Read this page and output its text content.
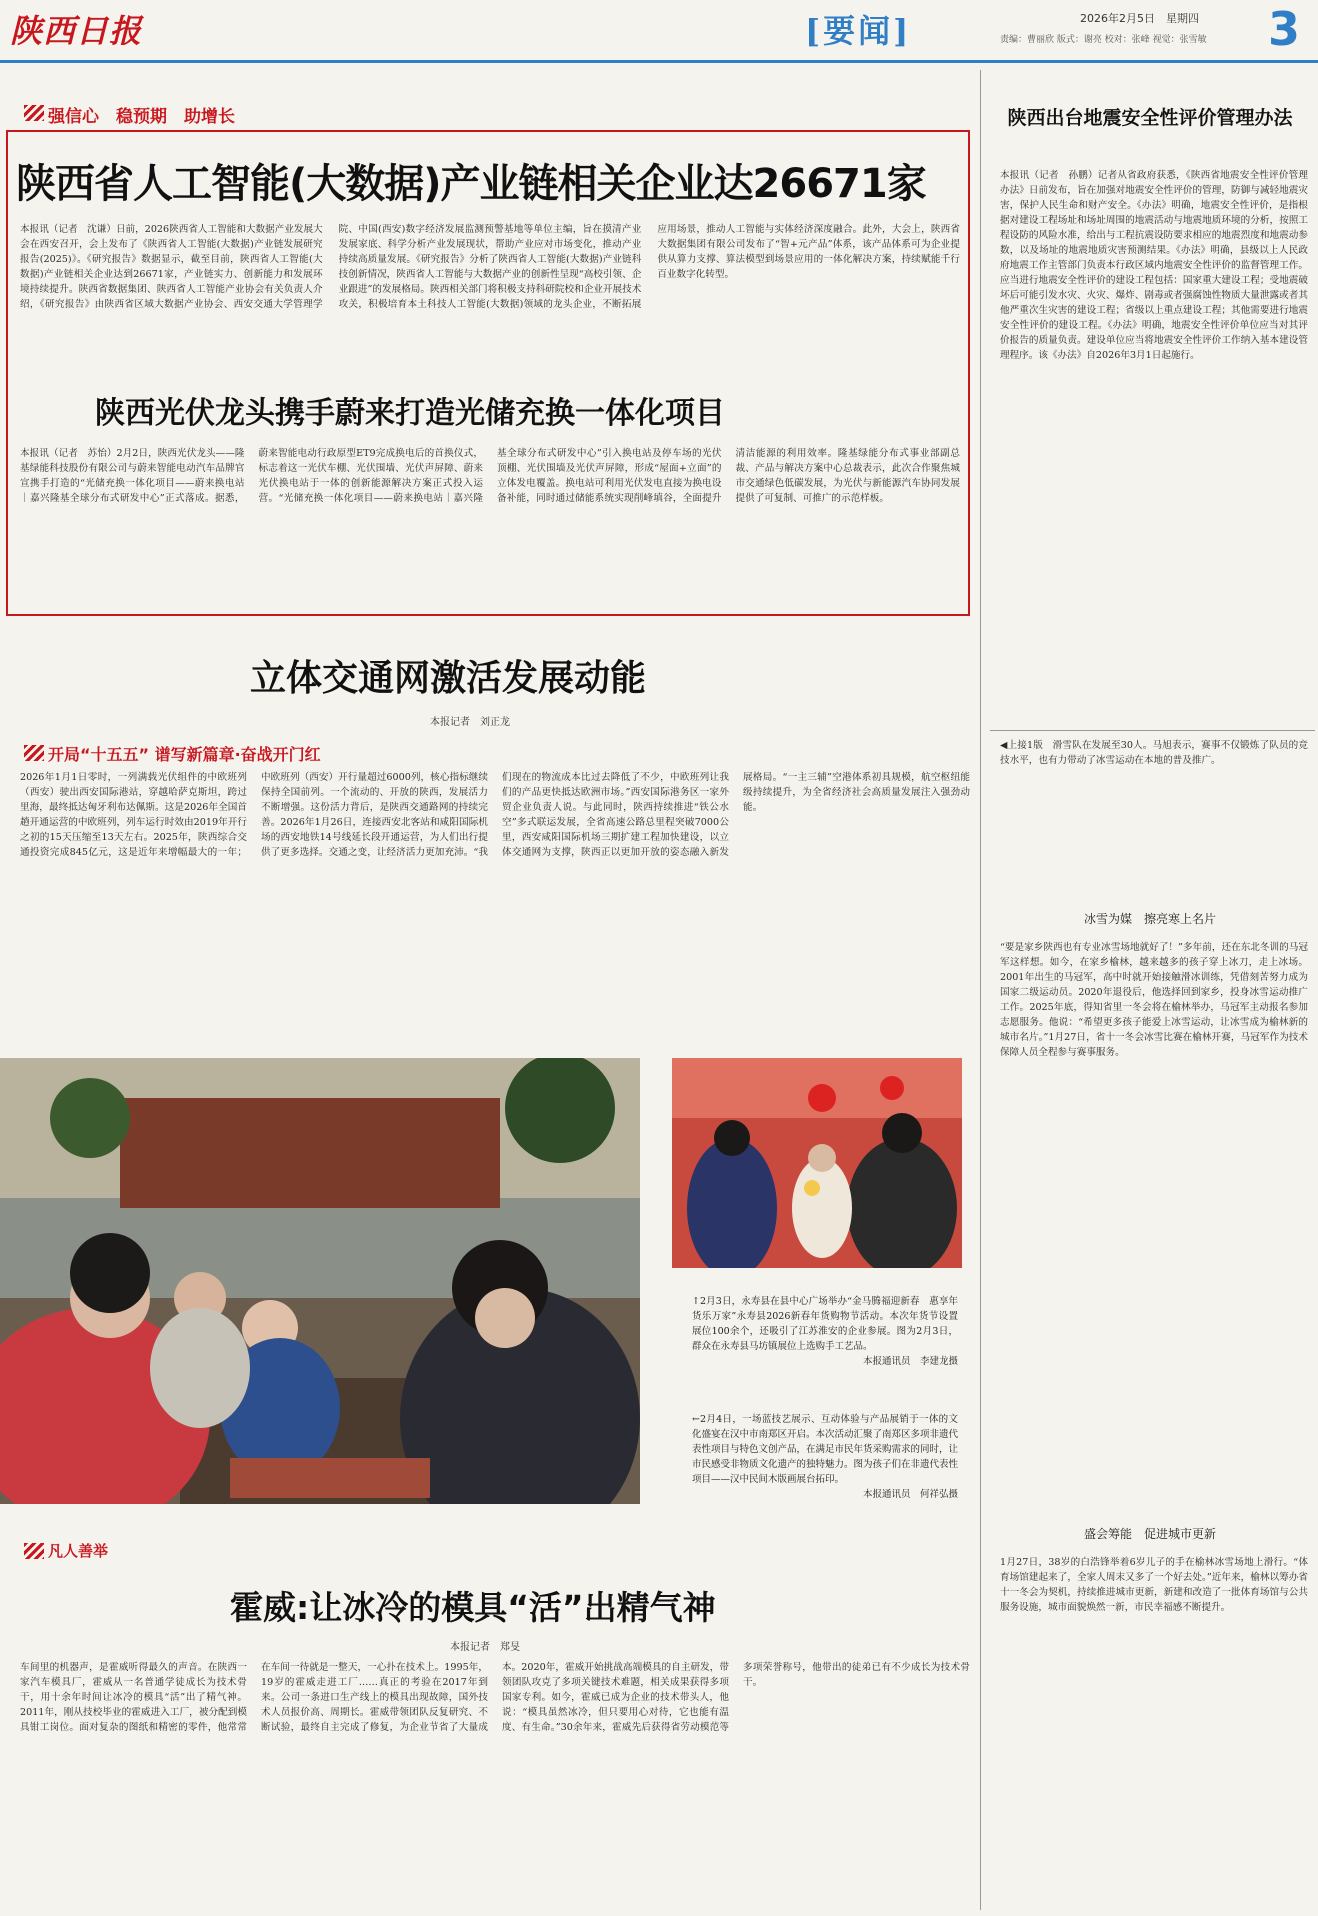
陕西日报	[要闻]	2026年2月5日　 星期四
责编：曹丽欣 版式：谢亮 校对：张峰 视觉：张雪敏 3
强信心　稳预期　助增长
陕西省人工智能(大数据)产业链相关企业达26671家
本报讯（记者　沈谦）日前，2026陕西省人工智能和大数据产业发展大会在西安召开，会上发布了《陕西省人工智能(大数据)产业链发展研究报告(2025)》。《研究报告》数据显示，截至目前，陕西省人工智能(大数据)产业链相关企业达到26671家，产业链实力、创新能力和发展环境持续提升。陕西省数据集团、陕西省人工智能产业协会有关负责人介绍，《研究报告》由陕西省区域大数据产业协会、西安交通大学管理学院、中国(西安)数字经济发展监测预警基地等单位主编，旨在摸清产业发展家底、科学分析产业发展现状，帮助产业应对市场变化，推动产业持续高质量发展。《研究报告》分析了陕西省人工智能(大数据)产业链科技创新情况，陕西省人工智能与大数据产业的创新性呈现“高校引领、企业跟进”的发展格局。陕西相关部门将积极支持科研院校和企业开展技术攻关，积极培育本土科技人工智能(大数据)领域的龙头企业，不断拓展应用场景，推动人工智能与实体经济深度融合。此外，大会上，陕西省大数据集团有限公司发布了“智+元产品”体系，该产品体系可为企业提供从算力支撑、算法模型到场景应用的一体化解决方案，持续赋能千行百业数字化转型。
陕西光伏龙头携手蔚来打造光储充换一体化项目
本报讯（记者　苏怡）2月2日，陕西光伏龙头——隆基绿能科技股份有限公司与蔚来智能电动汽车品牌官宣携手打造的“光储充换一体化项目——蔚来换电站｜嘉兴隆基全球分布式研发中心”正式落成。据悉，蔚来智能电动行政原型ET9完成换电后的首换仪式，标志着这一光伏车棚、光伏围墙、光伏声屏障、蔚来光伏换电站于一体的创新能源解决方案正式投入运营。“光储充换一体化项目——蔚来换电站｜嘉兴隆基全球分布式研发中心”引入换电站及停车场的光伏顶棚、光伏围墙及光伏声屏障，形成“屋面+立面”的立体发电覆盖。换电站可利用光伏发电直接为换电设备补能，同时通过储能系统实现削峰填谷，全面提升清洁能源的利用效率。隆基绿能分布式事业部副总裁、产品与解决方案中心总裁表示，此次合作聚焦城市交通绿色低碳发展，为光伏与新能源汽车协同发展提供了可复制、可推广的示范样板。
立体交通网激活发展动能
本报记者　刘正龙
开局“十五五” 谱写新篇章·奋战开门红
2026年1月1日零时，一列满载光伏组件的中欧班列（西安）驶出西安国际港站，穿越哈萨克斯坦，跨过里海，最终抵达匈牙利布达佩斯。这是2026年全国首趟开通运营的中欧班列，列车运行时效由2019年开行之初的15天压缩至13天左右。2025年，陕西综合交通投资完成845亿元，这是近年来增幅最大的一年；中欧班列（西安）开行量超过6000列，核心指标继续保持全国前列。一个流动的、开放的陕西，发展活力不断增强。这份活力背后，是陕西交通路网的持续完善。2026年1月26日，连接西安北客站和咸阳国际机场的西安地铁14号线延长段开通运营，为人们出行提供了更多选择。交通之变，让经济活力更加充沛。“我们现在的物流成本比过去降低了不少，中欧班列让我们的产品更快抵达欧洲市场。”西安国际港务区一家外贸企业负责人说。与此同时，陕西持续推进“铁公水空”多式联运发展，全省高速公路总里程突破7000公里，西安咸阳国际机场三期扩建工程加快建设，以立体交通网为支撑，陕西正以更加开放的姿态融入新发展格局。“一主三辅”空港体系初具规模，航空枢纽能级持续提升，为全省经济社会高质量发展注入强劲动能。
↑2月3日，永寿县在县中心广场举办“金马腾福迎新春　惠享年货乐万家”永寿县2026新春年货购物节活动。本次年货节设置展位100余个，还吸引了江苏淮安的企业参展。图为2月3日，群众在永寿县马坊镇展位上选购手工艺品。

本报通讯员　李建龙摄
←2月4日，一场蓝技艺展示、互动体验与产品展销于一体的文化盛宴在汉中市南郑区开启。本次活动汇聚了南郑区多项非遗代表性项目与特色文创产品，在满足市民年货采购需求的同时，让市民感受非物质文化遗产的独特魅力。图为孩子们在非遗代表性项目——汉中民间木版画展台拓印。

本报通讯员　何祥弘摄
凡人善举
霍威:让冰冷的模具“活”出精气神
本报记者　郑旻
车间里的机器声，是霍威听得最久的声音。在陕西一家汽车模具厂，霍威从一名普通学徒成长为技术骨干，用十余年时间让冰冷的模具“活”出了精气神。2011年，刚从技校毕业的霍威进入工厂，被分配到模具钳工岗位。面对复杂的图纸和精密的零件，他常常在车间一待就是一整天，一心扑在技术上。1995年，19岁的霍威走进工厂……真正的考验在2017年到来。公司一条进口生产线上的模具出现故障，国外技术人员报价高、周期长。霍威带领团队反复研究、不断试验，最终自主完成了修复，为企业节省了大量成本。2020年，霍威开始挑战高端模具的自主研发，带领团队攻克了多项关键技术难题，相关成果获得多项国家专利。如今，霍威已成为企业的技术带头人，他说：“模具虽然冰冷，但只要用心对待，它也能有温度、有生命。”30余年来，霍威先后获得省劳动模范等多项荣誉称号，他带出的徒弟已有不少成长为技术骨干。
陕西出台地震安全性评价管理办法
本报讯（记者　孙鹏）记者从省政府获悉，《陕西省地震安全性评价管理办法》日前发布，旨在加强对地震安全性评价的管理，防御与减轻地震灾害，保护人民生命和财产安全。《办法》明确，地震安全性评价，是指根据对建设工程场址和场址周围的地震活动与地震地质环境的分析，按照工程设防的风险水准，给出与工程抗震设防要求相应的地震烈度和地震动参数，以及场址的地震地质灾害预测结果。《办法》明确，县级以上人民政府地震工作主管部门负责本行政区域内地震安全性评价的监督管理工作。应当进行地震安全性评价的建设工程包括：国家重大建设工程；受地震破坏后可能引发水灾、火灾、爆炸、剧毒或者强腐蚀性物质大量泄露或者其他严重次生灾害的建设工程；省级以上重点建设工程；其他需要进行地震安全性评价的建设工程。《办法》明确，地震安全性评价单位应当对其评价报告的质量负责。建设单位应当将地震安全性评价工作纳入基本建设管理程序。该《办法》自2026年3月1日起施行。
◀上接1版　滑雪队在发展至30人。马旭表示，赛事不仅锻炼了队员的竞技水平，也有力带动了冰雪运动在本地的普及推广。
冰雪为媒　擦亮寒上名片
“要是家乡陕西也有专业冰雪场地就好了！”多年前，还在东北冬训的马冠军这样想。如今，在家乡榆林，越来越多的孩子穿上冰刀，走上冰场。2001年出生的马冠军，高中时就开始接触滑冰训练，凭借刻苦努力成为国家二级运动员。2020年退役后，他选择回到家乡，投身冰雪运动推广工作。2025年底，得知省里一冬会将在榆林举办，马冠军主动报名参加志愿服务。他说：“希望更多孩子能爱上冰雪运动，让冰雪成为榆林新的城市名片。”1月27日，省十一冬会冰雪比赛在榆林开赛，马冠军作为技术保障人员全程参与赛事服务。
盛会筹能　促进城市更新
1月27日，38岁的白浩锋举着6岁儿子的手在榆林冰雪场地上滑行。“体育场馆建起来了，全家人周末又多了一个好去处。”近年来，榆林以筹办省十一冬会为契机，持续推进城市更新，新建和改造了一批体育场馆与公共服务设施，城市面貌焕然一新，市民幸福感不断提升。
